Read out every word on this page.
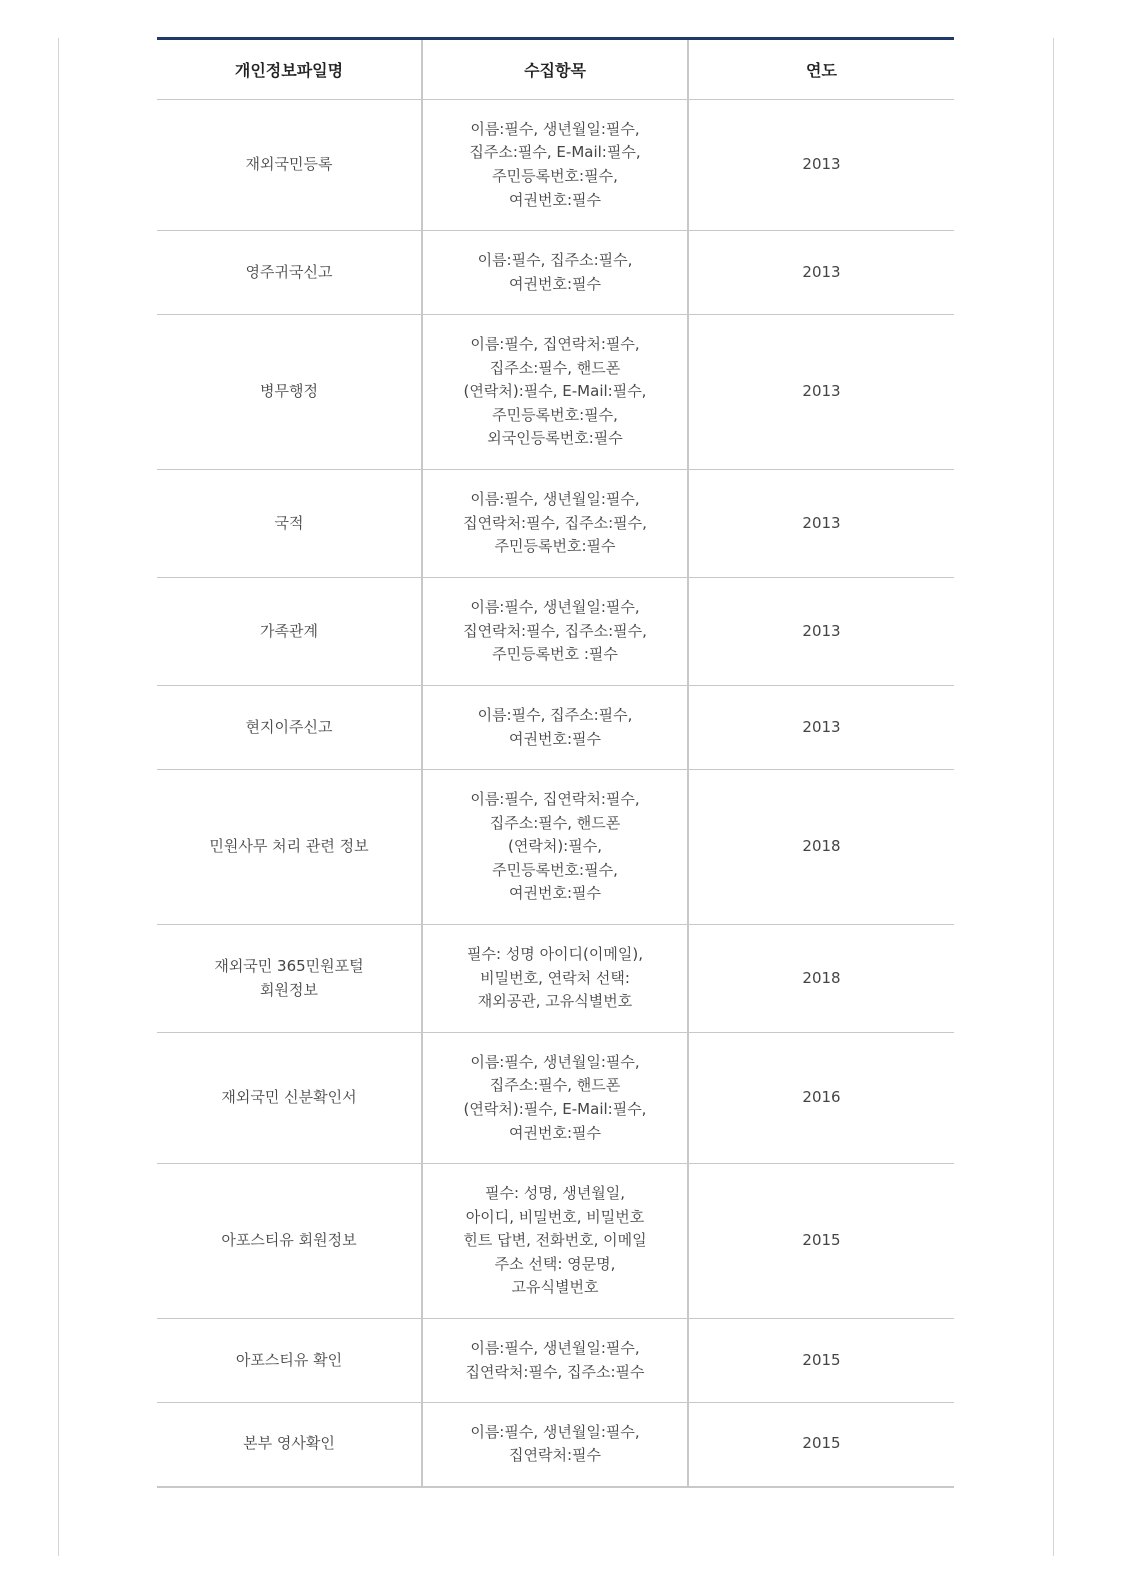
개인정보파일명	수집항목	연도
재외국민등록	이름:필수, 생년월일:필수,
집주소:필수, E-Mail:필수,
주민등록번호:필수,
여권번호:필수	2013
영주귀국신고	이름:필수, 집주소:필수,
여권번호:필수	2013
병무행정	이름:필수, 집연락처:필수,
집주소:필수, 핸드폰
(연락처):필수, E-Mail:필수,
주민등록번호:필수,
외국인등록번호:필수	2013
국적	이름:필수, 생년월일:필수,
집연락처:필수, 집주소:필수,
주민등록번호:필수	2013
가족관계	이름:필수, 생년월일:필수,
집연락처:필수, 집주소:필수,
주민등록번호 :필수	2013
현지이주신고	이름:필수, 집주소:필수,
여권번호:필수	2013
민원사무 처리 관련 정보	이름:필수, 집연락처:필수,
집주소:필수, 핸드폰
(연락처):필수,
주민등록번호:필수,
여권번호:필수	2018
재외국민 365민원포털
회원정보	필수: 성명 아이디(이메일),
비밀번호, 연락처 선택:
재외공관, 고유식별번호	2018
재외국민 신분확인서	이름:필수, 생년월일:필수,
집주소:필수, 핸드폰
(연락처):필수, E-Mail:필수,
여권번호:필수	2016
아포스티유 회원정보	필수: 성명, 생년월일,
아이디, 비밀번호, 비밀번호
힌트 답변, 전화번호, 이메일
주소 선택: 영문명,
고유식별번호	2015
아포스티유 확인	이름:필수, 생년월일:필수,
집연락처:필수, 집주소:필수	2015
본부 영사확인	이름:필수, 생년월일:필수,
집연락처:필수	2015
